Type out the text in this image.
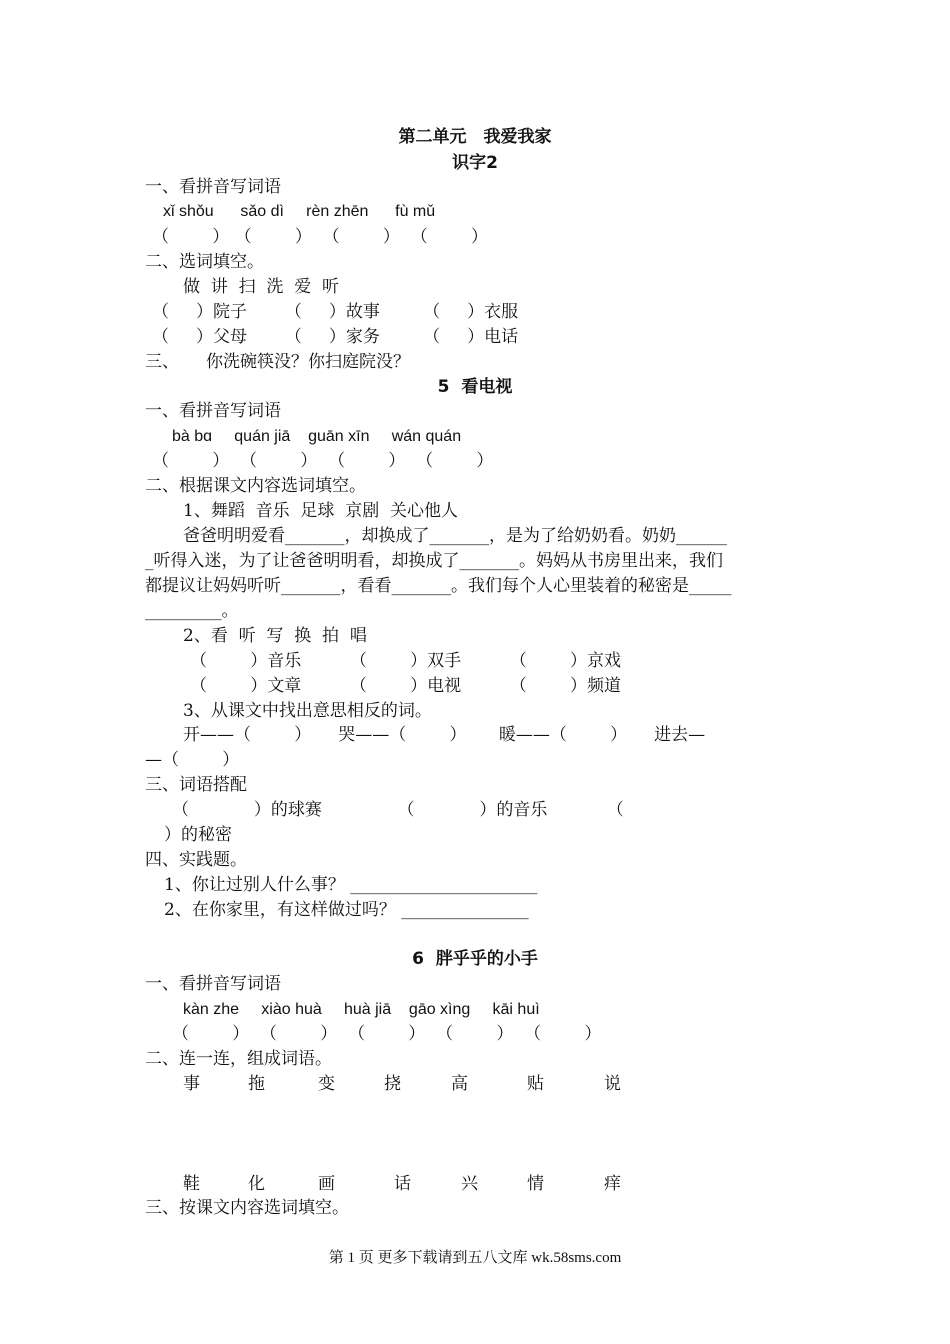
第二单元　我爱我家
识字2
一、看拼音写词语
xǐ shǒu      sǎo dì     rèn zhēn      fù mǔ
（        ） （        ）  （        ）  （        ）
二、选词填空。
做  讲  扫  洗  爱  听
（     ）院子       （     ）故事        （     ）衣服
（     ）父母       （     ）家务        （     ）电话
三、     你洗碗筷没？你扫庭院没？
5  看电视
一、看拼音写词语
bà bɑ     quán jiā    guān xīn     wán quán
（        ）  （        ）  （        ）  （        ）
二、根据课文内容选词填空。
1、舞蹈  音乐  足球  京剧  关心他人
爸爸明明爱看_______，却换成了_______，是为了给奶奶看。奶奶______
_听得入迷，为了让爸爸明明看，却换成了_______。妈妈从书房里出来，我们
都提议让妈妈听听_______，看看_______。我们每个人心里装着的秘密是_____
_________。
2、看  听  写  换  拍  唱
（        ）音乐         （        ）双手         （        ）京戏
（        ）文章         （        ）电视         （        ）频道
3、从课文中找出意思相反的词。
开——（        ）     哭——（        ）      暖——（        ）     进去—
—（        ）
三、词语搭配
（            ）的球赛              （            ）的音乐           （
）的秘密
四、实践题。
1、你让过别人什么事？ ______________________
2、在你家里，有这样做过吗？ _______________
6  胖乎乎的小手
一、看拼音写词语
kàn zhe     xiào huà     huà jiā    gāo xìng     kāi huì
（        ）  （        ）  （        ）  （        ）  （        ）
二、连一连，组成词语。
事	拖	变	挠	高	贴	说
鞋	化	画	话	兴	情	痒
三、按课文内容选词填空。
第 1 页 更多下载请到五八文库 wk.58sms.com
